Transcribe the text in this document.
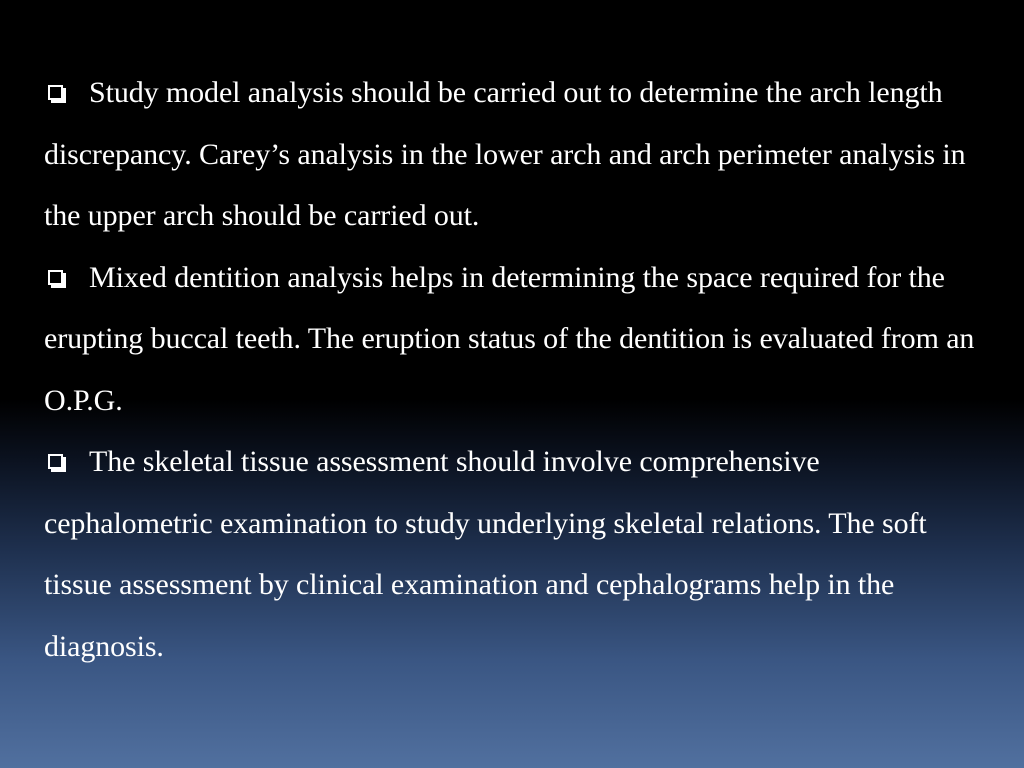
Study model analysis should be carried out to determine the arch length discrepancy. Carey’s analysis in the lower arch and arch perimeter analysis in the upper arch should be carried out.

Mixed dentition analysis helps in determining the space required for the erupting buccal teeth. The eruption status of the dentition is evaluated from an O.P.G.

The skeletal tissue assessment should involve comprehensive cephalometric examination to study underlying skeletal relations. The soft tissue assessment by clinical examination and cephalograms help in the diagnosis.
